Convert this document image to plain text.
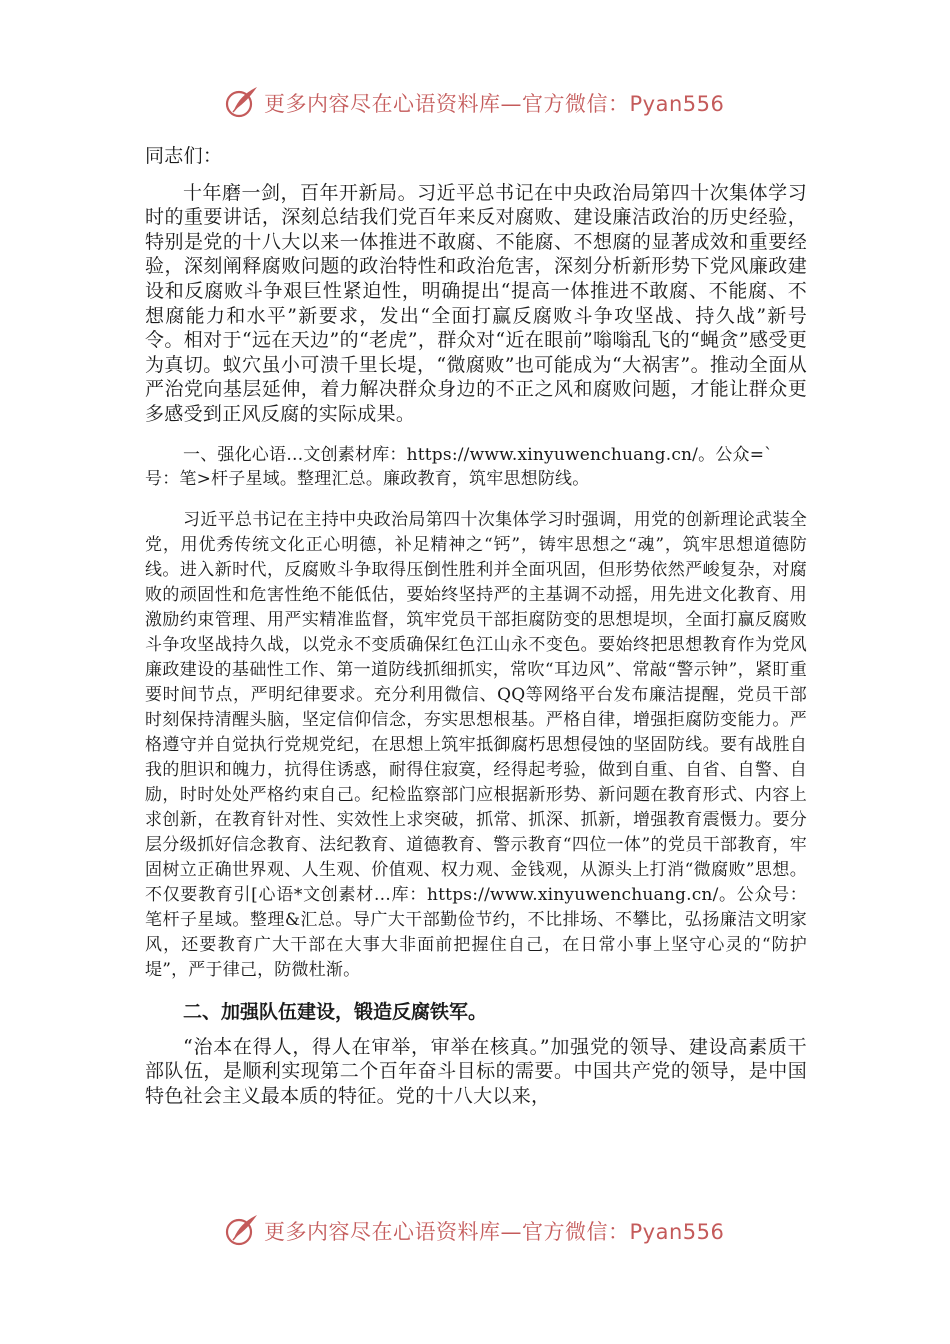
更多内容尽在心语资料库—官方微信：Pyan556

同志们：

十年磨一剑，百年开新局。习近平总书记在中央政治局第四十次集体学习时的重要讲话，深刻总结我们党百年来反对腐败、建设廉洁政治的历史经验，特别是党的十八大以来一体推进不敢腐、不能腐、不想腐的显著成效和重要经验，深刻阐释腐败问题的政治特性和政治危害，深刻分析新形势下党风廉政建设和反腐败斗争艰巨性紧迫性，明确提出“提高一体推进不敢腐、不能腐、不想腐能力和水平”新要求，发出“全面打赢反腐败斗争攻坚战、持久战”新号令。相对于“远在天边”的“老虎”，群众对“近在眼前”嗡嗡乱飞的“蝇贪”感受更为真切。蚁穴虽小可溃千里长堤，“微腐败”也可能成为“大祸害”。推动全面从严治党向基层延伸，着力解决群众身边的不正之风和腐败问题，才能让群众更多感受到正风反腐的实际成果。

一、强化心语…文创素材库：https://www.xinyuwenchuang.cn/。公众=`号：笔>杆子星域。整理汇总。廉政教育，筑牢思想防线。

习近平总书记在主持中央政治局第四十次集体学习时强调，用党的创新理论武装全党，用优秀传统文化正心明德，补足精神之“钙”，铸牢思想之“魂”，筑牢思想道德防线。进入新时代，反腐败斗争取得压倒性胜利并全面巩固，但形势依然严峻复杂，对腐败的顽固性和危害性绝不能低估，要始终坚持严的主基调不动摇，用先进文化教育、用激励约束管理、用严实精准监督，筑牢党员干部拒腐防变的思想堤坝，全面打赢反腐败斗争攻坚战持久战，以党永不变质确保红色江山永不变色。要始终把思想教育作为党风廉政建设的基础性工作、第一道防线抓细抓实，常吹“耳边风”、常敲“警示钟”，紧盯重要时间节点，严明纪律要求。充分利用微信、QQ等网络平台发布廉洁提醒，党员干部时刻保持清醒头脑，坚定信仰信念，夯实思想根基。严格自律，增强拒腐防变能力。严格遵守并自觉执行党规党纪，在思想上筑牢抵御腐朽思想侵蚀的坚固防线。要有战胜自我的胆识和魄力，抗得住诱惑，耐得住寂寞，经得起考验，做到自重、自省、自警、自励，时时处处严格约束自己。纪检监察部门应根据新形势、新问题在教育形式、内容上求创新，在教育针对性、实效性上求突破，抓常、抓深、抓新，增强教育震慑力。要分层分级抓好信念教育、法纪教育、道德教育、警示教育“四位一体”的党员干部教育，牢固树立正确世界观、人生观、价值观、权力观、金钱观，从源头上打消“微腐败”思想。不仅要教育引[心语*文创素材…库：https://www.xinyuwenchuang.cn/。公众号：笔杆子星域。整理&汇总。导广大干部勤俭节约，不比排场、不攀比，弘扬廉洁文明家风，还要教育广大干部在大事大非面前把握住自己，在日常小事上坚守心灵的“防护堤”，严于律己，防微杜渐。

二、加强队伍建设，锻造反腐铁军。

“治本在得人，得人在审举，审举在核真。”加强党的领导、建设高素质干部队伍，是顺利实现第二个百年奋斗目标的需要。中国共产党的领导，是中国特色社会主义最本质的特征。党的十八大以来，

更多内容尽在心语资料库—官方微信：Pyan556
